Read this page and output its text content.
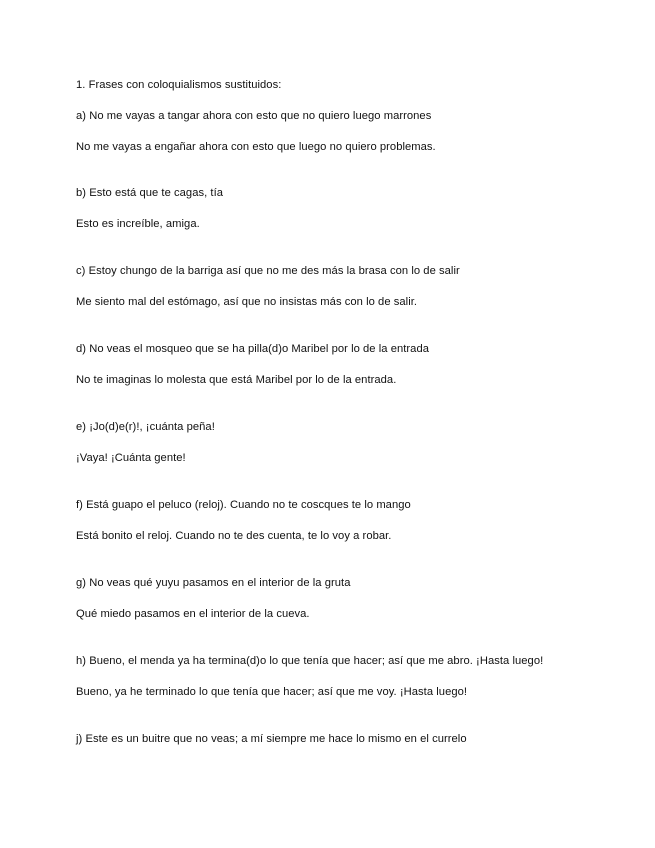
1. Frases con coloquialismos sustituidos:
a) No me vayas a tangar ahora con esto que no quiero luego marrones
No me vayas a engañar ahora con esto que luego no quiero problemas.
b) Esto está que te cagas, tía
Esto es increíble, amiga.
c) Estoy chungo de la barriga así que no me des más la brasa con lo de salir
Me siento mal del estómago, así que no insistas más con lo de salir.
d) No veas el mosqueo que se ha pilla(d)o Maribel por lo de la entrada
No te imaginas lo molesta que está Maribel por lo de la entrada.
e) ¡Jo(d)e(r)!, ¡cuánta peña!
¡Vaya! ¡Cuánta gente!
f) Está guapo el peluco (reloj). Cuando no te coscques te lo mango
Está bonito el reloj. Cuando no te des cuenta, te lo voy a robar.
g) No veas qué yuyu pasamos en el interior de la gruta
Qué miedo pasamos en el interior de la cueva.
h) Bueno, el menda ya ha termina(d)o lo que tenía que hacer; así que me abro. ¡Hasta luego!
Bueno, ya he terminado lo que tenía que hacer; así que me voy. ¡Hasta luego!
j) Este es un buitre que no veas; a mí siempre me hace lo mismo en el currelo
